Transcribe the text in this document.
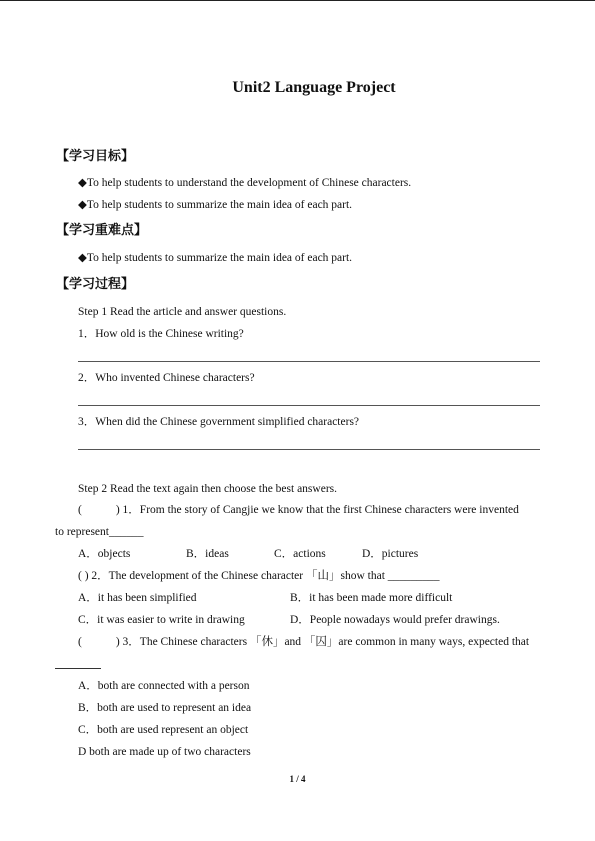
Unit2 Language Project
【学习目标】
◆To help students to understand the development of Chinese characters.
◆To help students to summarize the main idea of each part.
【学习重难点】
◆To help students to summarize the main idea of each part.
【学习过程】
Step 1 Read the article and answer questions.
1．How old is the Chinese writing?
2．Who invented Chinese characters?
3．When did the Chinese government simplified characters?
Step 2 Read the text again then choose the best answers.
(	) 1．From the story of Cangjie we know that the first Chinese characters were invented
to represent______
A．objects	B．ideas	C．actions	D．pictures
( ) 2．The development of the Chinese character 「山」show that _________
A．it has been simplified	B．it has been made more difficult
C．it was easier to write in drawing	D．People nowadays would prefer drawings.
(	) 3．The Chinese characters 「休」and 「囚」are common in many ways, expected that
A．both are connected with a person
B．both are used to represent an idea
C．both are used represent an object
D both are made up of two characters
1 / 4
